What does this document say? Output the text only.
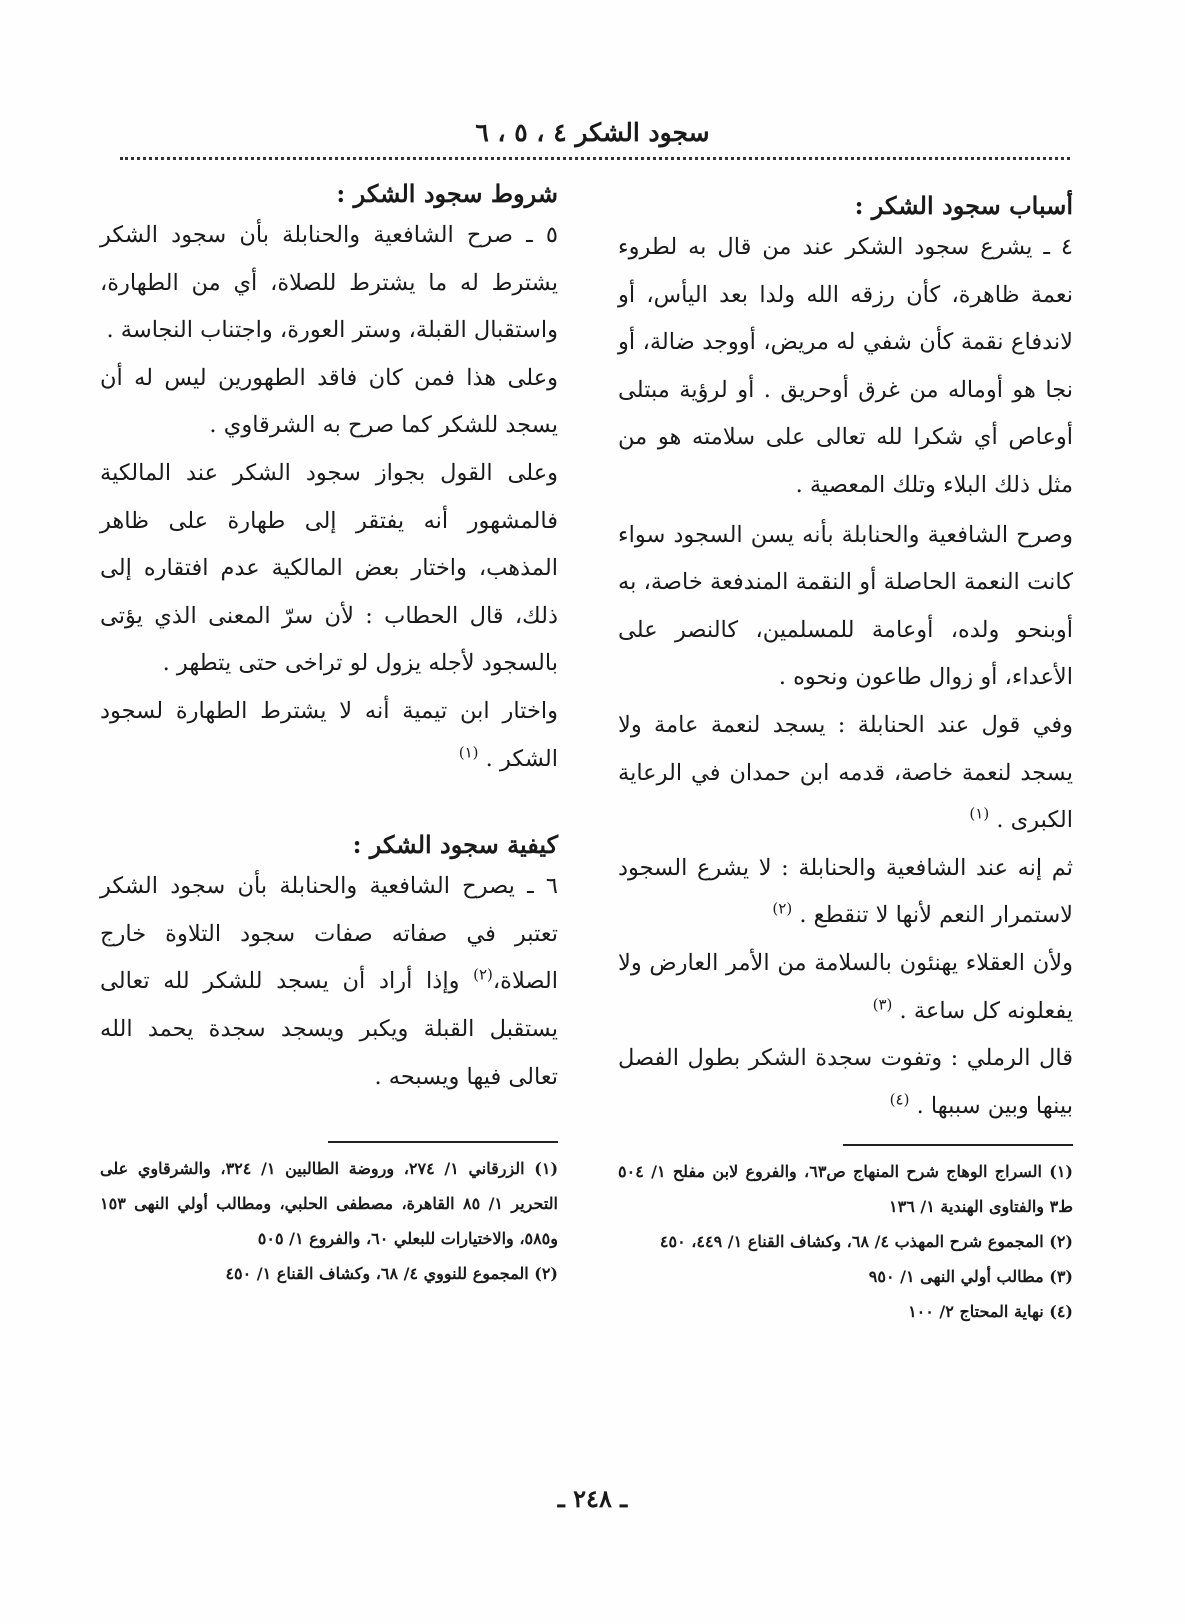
سجود الشكر ٤ ، ٥ ، ٦

أسباب سجود الشكر :

٤ ـ يشرع سجود الشكر عند من قال به لطروء نعمة ظاهرة، كأن رزقه الله ولدا بعد اليأس، أو لاندفاع نقمة كأن شفي له مريض، أووجد ضالة، أو نجا هو أوماله من غرق أوحريق . أو لرؤية مبتلى أوعاص أي شكرا لله تعالى على سلامته هو من مثل ذلك البلاء وتلك المعصية .

وصرح الشافعية والحنابلة بأنه يسن السجود سواء كانت النعمة الحاصلة أو النقمة المندفعة خاصة، به أوبنحو ولده، أوعامة للمسلمين، كالنصر على الأعداء، أو زوال طاعون ونحوه .

وفي قول عند الحنابلة : يسجد لنعمة عامة ولا يسجد لنعمة خاصة، قدمه ابن حمدان في الرعاية الكبرى . $^{(١)}$

ثم إنه عند الشافعية والحنابلة : لا يشرع السجود لاستمرار النعم لأنها لا تنقطع . $^{(٢)}$

ولأن العقلاء يهنئون بالسلامة من الأمر العارض ولا يفعلونه كل ساعة . $^{(٣)}$

قال الرملي : وتفوت سجدة الشكر بطول الفصل بينها وبين سببها . $^{(٤)}$

(١) السراج الوهاج شرح المنهاج ص٦٣، والفروع لابن مفلح ١/ ٥٠٤ ط٣ والفتاوى الهندية ١/ ١٣٦

(٢) المجموع شرح المهذب ٤/ ٦٨، وكشاف القناع ١/ ٤٤٩، ٤٥٠

(٣) مطالب أولي النهى ١/ ٩٥٠

(٤) نهاية المحتاج ٢/ ١٠٠

شروط سجود الشكر :

٥ ـ صرح الشافعية والحنابلة بأن سجود الشكر يشترط له ما يشترط للصلاة، أي من الطهارة، واستقبال القبلة، وستر العورة، واجتناب النجاسة .

وعلى هذا فمن كان فاقد الطهورين ليس له أن يسجد للشكر كما صرح به الشرقاوي .

وعلى القول بجواز سجود الشكر عند المالكية فالمشهور أنه يفتقر إلى طهارة على ظاهر المذهب، واختار بعض المالكية عدم افتقاره إلى ذلك، قال الحطاب : لأن سرّ المعنى الذي يؤتى بالسجود لأجله يزول لو تراخى حتى يتطهر .

واختار ابن تيمية أنه لا يشترط الطهارة لسجود الشكر . $^{(١)}$

كيفية سجود الشكر :

٦ ـ يصرح الشافعية والحنابلة بأن سجود الشكر تعتبر في صفاته صفات سجود التلاوة خارج الصلاة،$^{(٢)}$ وإذا أراد أن يسجد للشكر لله تعالى يستقبل القبلة ويكبر ويسجد سجدة يحمد الله تعالى فيها ويسبحه .

(١) الزرقاني ١/ ٢٧٤، وروضة الطالبين ١/ ٣٢٤، والشرقاوي على التحرير ١/ ٨٥ القاهرة، مصطفى الحلبي، ومطالب أولي النهى ١٥٣ و٥٨٥، والاختيارات للبعلي ٦٠، والفروع ١/ ٥٠٥

(٢) المجموع للنووي ٤/ ٦٨، وكشاف القناع ١/ ٤٥٠

ـ ٢٤٨ ـ
